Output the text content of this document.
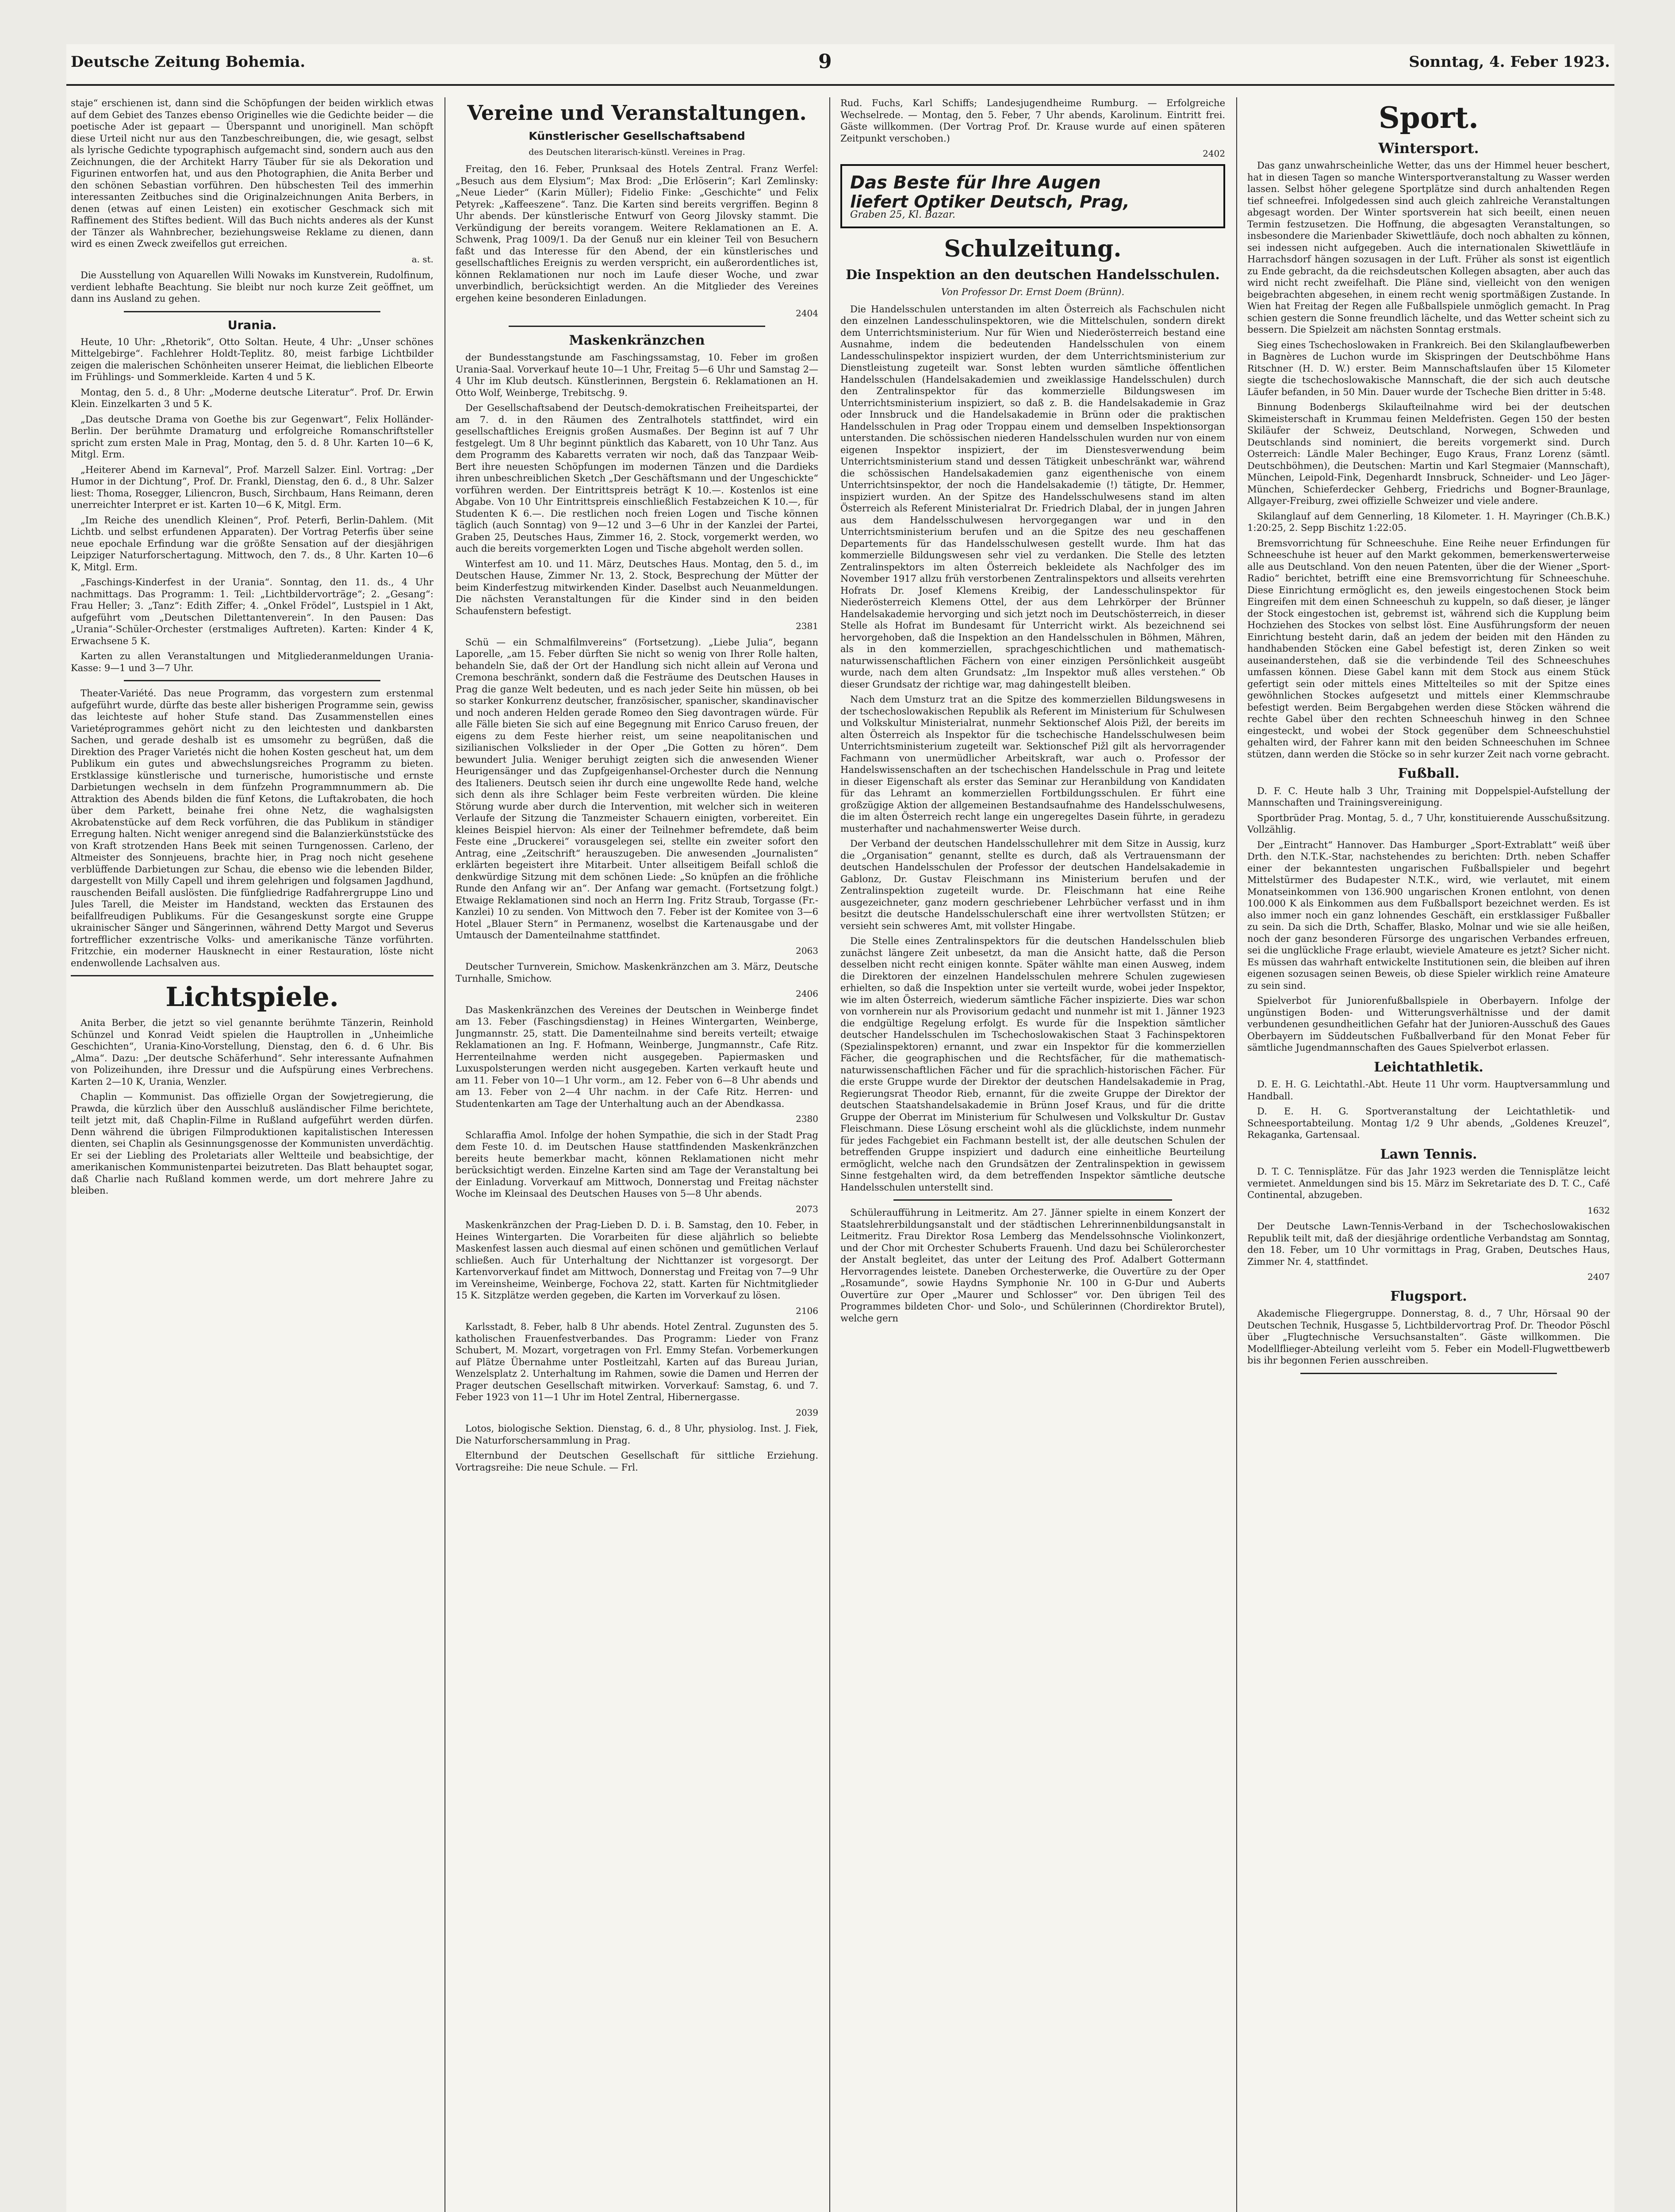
Deutsche Zeitung Bohemia.	9	Sonntag, 4. Feber 1923.

staje“ erschienen ist, dann sind die Schöpfungen der beiden wirklich etwas auf dem Gebiet des Tanzes ebenso Originelles wie die Gedichte beider — die poetische Ader ist gepaart — Überspannt und unoriginell. Man schöpft diese Urteil nicht nur aus den Tanzbeschreibungen, die, wie gesagt, selbst als lyrische Gedichte typographisch aufgemacht sind, sondern auch aus den Zeichnungen, die der Architekt Harry Täuber für sie als Dekoration und Figurinen entworfen hat, und aus den Photographien, die Anita Berber und den schönen Sebastian vorführen. Den hübschesten Teil des immerhin interessanten Zeitbuches sind die Originalzeichnungen Anita Berbers, in denen (etwas auf einen Leisten) ein exotischer Geschmack sich mit Raffinement des Stiftes bedient. Will das Buch nichts anderes als der Kunst der Tänzer als Wahnbrecher, beziehungsweise Reklame zu dienen, dann wird es einen Zweck zweifellos gut erreichen.

a. st.

Die Ausstellung von Aquarellen Willi Nowaks im Kunstverein, Rudolfinum, verdient lebhafte Beachtung. Sie bleibt nur noch kurze Zeit geöffnet, um dann ins Ausland zu gehen.

Urania.

Heute, 10 Uhr: „Rhetorik“, Otto Soltan. Heute, 4 Uhr: „Unser schönes Mittelgebirge“. Fachlehrer Holdt-Teplitz. 80, meist farbige Lichtbilder zeigen die malerischen Schönheiten unserer Heimat, die lieblichen Elbeorte im Frühlings- und Sommerkleide. Karten 4 und 5 K.

Montag, den 5. d., 8 Uhr: „Moderne deutsche Literatur“. Prof. Dr. Erwin Klein. Einzelkarten 3 und 5 K.

„Das deutsche Drama von Goethe bis zur Gegenwart“, Felix Holländer-Berlin. Der berühmte Dramaturg und erfolgreiche Romanschriftsteller spricht zum ersten Male in Prag, Montag, den 5. d. 8 Uhr. Karten 10—6 K, Mitgl. Erm.

„Heiterer Abend im Karneval“, Prof. Marzell Salzer. Einl. Vortrag: „Der Humor in der Dichtung“, Prof. Dr. Frankl, Dienstag, den 6. d., 8 Uhr. Salzer liest: Thoma, Rosegger, Liliencron, Busch, Sirchbaum, Hans Reimann, deren unerreichter Interpret er ist. Karten 10—6 K, Mitgl. Erm.

„Im Reiche des unendlich Kleinen“, Prof. Peterfi, Berlin-Dahlem. (Mit Lichtb. und selbst erfundenen Apparaten). Der Vortrag Peterfis über seine neue epochale Erfindung war die größte Sensation auf der diesjährigen Leipziger Naturforschertagung. Mittwoch, den 7. ds., 8 Uhr. Karten 10—6 K, Mitgl. Erm.

„Faschings-Kinderfest in der Urania“. Sonntag, den 11. ds., 4 Uhr nachmittags. Das Programm: 1. Teil: „Lichtbildervorträge“; 2. „Gesang“: Frau Heller; 3. „Tanz“: Edith Ziffer; 4. „Onkel Frödel“, Lustspiel in 1 Akt, aufgeführt vom „Deutschen Dilettantenverein“. In den Pausen: Das „Urania“-Schüler-Orchester (erstmaliges Auftreten). Karten: Kinder 4 K, Erwachsene 5 K.

Karten zu allen Veranstaltungen und Mitgliederanmeldungen Urania-Kasse: 9—1 und 3—7 Uhr.

Theater-Variété. Das neue Programm, das vorgestern zum erstenmal aufgeführt wurde, dürfte das beste aller bisherigen Programme sein, gewiss das leichteste auf hoher Stufe stand. Das Zusammenstellen eines Varietéprogrammes gehört nicht zu den leichtesten und dankbarsten Sachen, und gerade deshalb ist es umsomehr zu begrüßen, daß die Direktion des Prager Varietés nicht die hohen Kosten gescheut hat, um dem Publikum ein gutes und abwechslungsreiches Programm zu bieten. Erstklassige künstlerische und turnerische, humoristische und ernste Darbietungen wechseln in dem fünfzehn Programmnummern ab. Die Attraktion des Abends bilden die fünf Ketons, die Luftakrobaten, die hoch über dem Parkett, beinahe frei ohne Netz, die waghalsigsten Akrobatenstücke auf dem Reck vorführen, die das Publikum in ständiger Erregung halten. Nicht weniger anregend sind die Balanzierkünststücke des von Kraft strotzenden Hans Beek mit seinen Turngenossen. Carleno, der Altmeister des Sonnjeuens, brachte hier, in Prag noch nicht gesehene verblüffende Darbietungen zur Schau, die ebenso wie die lebenden Bilder, dargestellt von Milly Capell und ihrem gelehrigen und folgsamen Jagdhund, rauschenden Beifall auslösten. Die fünfgliedrige Radfahrergruppe Lino und Jules Tarell, die Meister im Handstand, weckten das Erstaunen des beifallfreudigen Publikums. Für die Gesangeskunst sorgte eine Gruppe ukrainischer Sänger und Sängerinnen, während Detty Margot und Severus fortrefflicher exzentrische Volks- und amerikanische Tänze vorführten. Fritzchie, ein moderner Hausknecht in einer Restauration, löste nicht endenwollende Lachsalven aus.

Lichtspiele.

Anita Berber, die jetzt so viel genannte berühmte Tänzerin, Reinhold Schünzel und Konrad Veidt spielen die Hauptrollen in „Unheimliche Geschichten“, Urania-Kino-Vorstellung, Dienstag, den 6. d. 6 Uhr. Bis „Alma“. Dazu: „Der deutsche Schäferhund“. Sehr interessante Aufnahmen von Polizeihunden, ihre Dressur und die Aufspürung eines Verbrechens. Karten 2—10 K, Urania, Wenzler.

Chaplin — Kommunist. Das offizielle Organ der Sowjetregierung, die Prawda, die kürzlich über den Ausschluß ausländischer Filme berichtete, teilt jetzt mit, daß Chaplin-Filme in Rußland aufgeführt werden dürfen. Denn während die übrigen Filmproduktionen kapitalistischen Interessen dienten, sei Chaplin als Gesinnungsgenosse der Kommunisten unverdächtig. Er sei der Liebling des Proletariats aller Weltteile und beabsichtige, der amerikanischen Kommunistenpartei beizutreten. Das Blatt behauptet sogar, daß Charlie nach Rußland kommen werde, um dort mehrere Jahre zu bleiben.

Vereine und Veranstaltungen.
Künstlerischer Gesellschaftsabend
des Deutschen literarisch-künstl. Vereines in Prag.

Freitag, den 16. Feber, Prunksaal des Hotels Zentral. Franz Werfel: „Besuch aus dem Elysium“; Max Brod: „Die Erlöserin“; Karl Zemlinsky: „Neue Lieder“ (Karin Müller); Fidelio Finke: „Geschichte“ und Felix Petyrek: „Kaffeeszene“. Tanz. Die Karten sind bereits vergriffen. Beginn 8 Uhr abends. Der künstlerische Entwurf von Georg Jilovsky stammt. Die Verkündigung der bereits vorangem. Weitere Reklamationen an E. A. Schwenk, Prag 1009/1. Da der Genuß nur ein kleiner Teil von Besuchern faßt und das Interesse für den Abend, der ein künstlerisches und gesellschaftliches Ereignis zu werden verspricht, ein außerordentliches ist, können Reklamationen nur noch im Laufe dieser Woche, und zwar unverbindlich, berücksichtigt werden. An die Mitglieder des Vereines ergehen keine besonderen Einladungen.

2404
Maskenkränzchen

der Bundesstangstunde am Faschingssamstag, 10. Feber im großen Urania-Saal. Vorverkauf heute 10—1 Uhr, Freitag 5—6 Uhr und Samstag 2—4 Uhr im Klub deutsch. Künstlerinnen, Bergstein 6. Reklamationen an H. Otto Wolf, Weinberge, Trebitschg. 9.

Der Gesellschaftsabend der Deutsch-demokratischen Freiheitspartei, der am 7. d. in den Räumen des Zentralhotels stattfindet, wird ein gesellschaftliches Ereignis großen Ausmaßes. Der Beginn ist auf 7 Uhr festgelegt. Um 8 Uhr beginnt pünktlich das Kabarett, von 10 Uhr Tanz. Aus dem Programm des Kabaretts verraten wir noch, daß das Tanzpaar Weib-Bert ihre neuesten Schöpfungen im modernen Tänzen und die Dardieks ihren unbeschreiblichen Sketch „Der Geschäftsmann und der Ungeschickte“ vorführen werden. Der Eintrittspreis beträgt K 10.—. Kostenlos ist eine Abgabe. Von 10 Uhr Eintrittspreis einschließlich Festabzeichen K 10.—, für Studenten K 6.—. Die restlichen noch freien Logen und Tische können täglich (auch Sonntag) von 9—12 und 3—6 Uhr in der Kanzlei der Partei, Graben 25, Deutsches Haus, Zimmer 16, 2. Stock, vorgemerkt werden, wo auch die bereits vorgemerkten Logen und Tische abgeholt werden sollen.

Winterfest am 10. und 11. März, Deutsches Haus. Montag, den 5. d., im Deutschen Hause, Zimmer Nr. 13, 2. Stock, Besprechung der Mütter der beim Kinderfestzug mitwirkenden Kinder. Daselbst auch Neuanmeldungen. Die nächsten Veranstaltungen für die Kinder sind in den beiden Schaufenstern befestigt.

2381

Schü — ein Schmalfilmvereins“ (Fortsetzung). „Liebe Julia“, begann Laporelle, „am 15. Feber dürften Sie nicht so wenig von Ihrer Rolle halten, behandeln Sie, daß der Ort der Handlung sich nicht allein auf Verona und Cremona beschränkt, sondern daß die Festräume des Deutschen Hauses in Prag die ganze Welt bedeuten, und es nach jeder Seite hin müssen, ob bei so starker Konkurrenz deutscher, französischer, spanischer, skandinavischer und noch anderen Helden gerade Romeo den Sieg davontragen würde. Für alle Fälle bieten Sie sich auf eine Begegnung mit Enrico Caruso freuen, der eigens zu dem Feste hierher reist, um seine neapolitanischen und sizilianischen Volkslieder in der Oper „Die Gotten zu hören“. Dem bewundert Julia. Weniger beruhigt zeigten sich die anwesenden Wiener Heurigensänger und das Zupfgeigenhansel-Orchester durch die Nennung des Italieners. Deutsch seien ihr durch eine ungewollte Rede hand, welche sich denn als ihre Schlager beim Feste verbreiten würden. Die kleine Störung wurde aber durch die Intervention, mit welcher sich in weiteren Verlaufe der Sitzung die Tanzmeister Schauern einigten, vorbereitet. Ein kleines Beispiel hiervon: Als einer der Teilnehmer befremdete, daß beim Feste eine „Druckerei“ vorausgelegen sei, stellte ein zweiter sofort den Antrag, eine „Zeitschrift“ herauszugeben. Die anwesenden „Journalisten“ erklärten begeistert ihre Mitarbeit. Unter allseitigem Beifall schloß die denkwürdige Sitzung mit dem schönen Liede: „So knüpfen an die fröhliche Runde den Anfang wir an“. Der Anfang war gemacht. (Fortsetzung folgt.) Etwaige Reklamationen sind noch an Herrn Ing. Fritz Straub, Torgasse (Fr.-Kanzlei) 10 zu senden. Von Mittwoch den 7. Feber ist der Komitee von 3—6 Hotel „Blauer Stern“ in Permanenz, woselbst die Kartenausgabe und der Umtausch der Damenteilnahme stattfindet.

2063

Deutscher Turnverein, Smichow. Maskenkränzchen am 3. März, Deutsche Turnhalle, Smichow.

2406

Das Maskenkränzchen des Vereines der Deutschen in Weinberge findet am 13. Feber (Faschingsdienstag) in Heines Wintergarten, Weinberge, Jungmannstr. 25, statt. Die Damenteilnahme sind bereits verteilt; etwaige Reklamationen an Ing. F. Hofmann, Weinberge, Jungmannstr., Cafe Ritz. Herrenteilnahme werden nicht ausgegeben. Papiermasken und Luxuspolsterungen werden nicht ausgegeben. Karten verkauft heute und am 11. Feber von 10—1 Uhr vorm., am 12. Feber von 6—8 Uhr abends und am 13. Feber von 2—4 Uhr nachm. in der Cafe Ritz. Herren- und Studentenkarten am Tage der Unterhaltung auch an der Abendkassa.

2380

Schlaraffia Amol. Infolge der hohen Sympathie, die sich in der Stadt Prag dem Feste 10. d. im Deutschen Hause stattfindenden Maskenkränzchen bereits heute bemerkbar macht, können Reklamationen nicht mehr berücksichtigt werden. Einzelne Karten sind am Tage der Veranstaltung bei der Einladung. Vorverkauf am Mittwoch, Donnerstag und Freitag nächster Woche im Kleinsaal des Deutschen Hauses von 5—8 Uhr abends.

2073

Maskenkränzchen der Prag-Lieben D. D. i. B. Samstag, den 10. Feber, in Heines Wintergarten. Die Vorarbeiten für diese aljährlich so beliebte Maskenfest lassen auch diesmal auf einen schönen und gemütlichen Verlauf schließen. Auch für Unterhaltung der Nichttanzer ist vorgesorgt. Der Kartenvorverkauf findet am Mittwoch, Donnerstag und Freitag von 7—9 Uhr im Vereinsheime, Weinberge, Fochova 22, statt. Karten für Nichtmitglieder 15 K. Sitzplätze werden gegeben, die Karten im Vorverkauf zu lösen.

2106

Karlsstadt, 8. Feber, halb 8 Uhr abends. Hotel Zentral. Zugunsten des 5. katholischen Frauenfestverbandes. Das Programm: Lieder von Franz Schubert, M. Mozart, vorgetragen von Frl. Emmy Stefan. Vorbemerkungen auf Plätze Übernahme unter Postleitzahl, Karten auf das Bureau Jurian, Wenzelsplatz 2. Unterhaltung im Rahmen, sowie die Damen und Herren der Prager deutschen Gesellschaft mitwirken. Vorverkauf: Samstag, 6. und 7. Feber 1923 von 11—1 Uhr im Hotel Zentral, Hibernergasse.

2039

Lotos, biologische Sektion. Dienstag, 6. d., 8 Uhr, physiolog. Inst. J. Fiek, Die Naturforschersammlung in Prag.

Elternbund der Deutschen Gesellschaft für sittliche Erziehung. Vortragsreihe: Die neue Schule. — Frl.

Rud. Fuchs, Karl Schiffs; Landesjugendheime Rumburg. — Erfolgreiche Wechselrede. — Montag, den 5. Feber, 7 Uhr abends, Karolinum. Eintritt frei. Gäste willkommen. (Der Vortrag Prof. Dr. Krause wurde auf einen späteren Zeitpunkt verschoben.)

2402
Das Beste für Ihre Augen
liefert Optiker Deutsch, Prag,
Graben 25, Kl. Bazar.
Schulzeitung.
Die Inspektion an den deutschen Handelsschulen.
Von Professor Dr. Ernst Doem (Brünn).

Die Handelsschulen unterstanden im alten Österreich als Fachschulen nicht den einzelnen Landesschulinspektoren, wie die Mittelschulen, sondern direkt dem Unterrichtsministerium. Nur für Wien und Niederösterreich bestand eine Ausnahme, indem die bedeutenden Handelsschulen von einem Landesschulinspektor inspiziert wurden, der dem Unterrichtsministerium zur Dienstleistung zugeteilt war. Sonst lebten wurden sämtliche öffentlichen Handelsschulen (Handelsakademien und zweiklassige Handelsschulen) durch den Zentralinspektor für das kommerzielle Bildungswesen im Unterrichtsministerium inspiziert, so daß z. B. die Handelsakademie in Graz oder Innsbruck und die Handelsakademie in Brünn oder die praktischen Handelsschulen in Prag oder Troppau einem und demselben Inspektionsorgan unterstanden. Die schössischen niederen Handelsschulen wurden nur von einem eigenen Inspektor inspiziert, der im Dienstesverwendung beim Unterrichtsministerium stand und dessen Tätigkeit unbeschränkt war, während die schössischen Handelsakademien ganz eigenthenische von einem Unterrichtsinspektor, der noch die Handelsakademie (!) tätigte, Dr. Hemmer, inspiziert wurden. An der Spitze des Handelsschulwesens stand im alten Österreich als Referent Ministerialrat Dr. Friedrich Dlabal, der in jungen Jahren aus dem Handelsschulwesen hervorgegangen war und in den Unterrichtsministerium berufen und an die Spitze des neu geschaffenen Departements für das Handelsschulwesen gestellt wurde. Ihm hat das kommerzielle Bildungswesen sehr viel zu verdanken. Die Stelle des letzten Zentralinspektors im alten Österreich bekleidete als Nachfolger des im November 1917 allzu früh verstorbenen Zentralinspektors und allseits verehrten Hofrats Dr. Josef Klemens Kreibig, der Landesschulinspektor für Niederösterreich Klemens Ottel, der aus dem Lehrkörper der Brünner Handelsakademie hervorging und sich jetzt noch im Deutschösterreich, in dieser Stelle als Hofrat im Bundesamt für Unterricht wirkt. Als bezeichnend sei hervorgehoben, daß die Inspektion an den Handelsschulen in Böhmen, Mähren, als in den kommerziellen, sprachgeschichtlichen und mathematisch-naturwissenschaftlichen Fächern von einer einzigen Persönlichkeit ausgeübt wurde, nach dem alten Grundsatz: „Im Inspektor muß alles verstehen.“ Ob dieser Grundsatz der richtige war, mag dahingestellt bleiben.

Nach dem Umsturz trat an die Spitze des kommerziellen Bildungswesens in der tschechoslowakischen Republik als Referent im Ministerium für Schulwesen und Volkskultur Ministerialrat, nunmehr Sektionschef Alois Pižl, der bereits im alten Österreich als Inspektor für die tschechische Handelsschulwesen beim Unterrichtsministerium zugeteilt war. Sektionschef Pižl gilt als hervorragender Fachmann von unermüdlicher Arbeitskraft, war auch o. Professor der Handelswissenschaften an der tschechischen Handelsschule in Prag und leitete in dieser Eigenschaft als erster das Seminar zur Heranbildung von Kandidaten für das Lehramt an kommerziellen Fortbildungsschulen. Er führt eine großzügige Aktion der allgemeinen Bestandsaufnahme des Handelsschulwesens, die im alten Österreich recht lange ein ungeregeltes Dasein führte, in geradezu musterhafter und nachahmenswerter Weise durch.

Der Verband der deutschen Handelsschullehrer mit dem Sitze in Aussig, kurz die „Organisation“ genannt, stellte es durch, daß als Vertrauensmann der deutschen Handelsschulen der Professor der deutschen Handelsakademie in Gablonz, Dr. Gustav Fleischmann ins Ministerium berufen und der Zentralinspektion zugeteilt wurde. Dr. Fleischmann hat eine Reihe ausgezeichneter, ganz modern geschriebener Lehrbücher verfasst und in ihm besitzt die deutsche Handelsschulerschaft eine ihrer wertvollsten Stützen; er versieht sein schweres Amt, mit vollster Hingabe.

Die Stelle eines Zentralinspektors für die deutschen Handelsschulen blieb zunächst längere Zeit unbesetzt, da man die Ansicht hatte, daß die Person desselben nicht recht einigen konnte. Später wählte man einen Ausweg, indem die Direktoren der einzelnen Handelsschulen mehrere Schulen zugewiesen erhielten, so daß die Inspektion unter sie verteilt wurde, wobei jeder Inspektor, wie im alten Österreich, wiederum sämtliche Fächer inspizierte. Dies war schon von vornherein nur als Provisorium gedacht und nunmehr ist mit 1. Jänner 1923 die endgültige Regelung erfolgt. Es wurde für die Inspektion sämtlicher deutscher Handelsschulen im Tschechoslowakischen Staat 3 Fachinspektoren (Spezialinspektoren) ernannt, und zwar ein Inspektor für die kommerziellen Fächer, die geographischen und die Rechtsfächer, für die mathematisch-naturwissenschaftlichen Fächer und für die sprachlich-historischen Fächer. Für die erste Gruppe wurde der Direktor der deutschen Handelsakademie in Prag, Regierungsrat Theodor Rieb, ernannt, für die zweite Gruppe der Direktor der deutschen Staatshandelsakademie in Brünn Josef Kraus, und für die dritte Gruppe der Oberrat im Ministerium für Schulwesen und Volkskultur Dr. Gustav Fleischmann. Diese Lösung erscheint wohl als die glücklichste, indem nunmehr für jedes Fachgebiet ein Fachmann bestellt ist, der alle deutschen Schulen der betreffenden Gruppe inspiziert und dadurch eine einheitliche Beurteilung ermöglicht, welche nach den Grundsätzen der Zentralinspektion in gewissem Sinne festgehalten wird, da dem betreffenden Inspektor sämtliche deutsche Handelsschulen unterstellt sind.

Schüleraufführung in Leitmeritz. Am 27. Jänner spielte in einem Konzert der Staatslehrerbildungsanstalt und der städtischen Lehrerinnenbildungsanstalt in Leitmeritz. Frau Direktor Rosa Lemberg das Mendelssohnsche Violinkonzert, und der Chor mit Orchester Schuberts Frauenh. Und dazu bei Schülerorchester der Anstalt begleitet, das unter der Leitung des Prof. Adalbert Gottermann Hervorragendes leistete. Daneben Orchesterwerke, die Ouvertüre zu der Oper „Rosamunde“, sowie Haydns Symphonie Nr. 100 in G-Dur und Auberts Ouvertüre zur Oper „Maurer und Schlosser“ vor. Den übrigen Teil des Programmes bildeten Chor- und Solo-, und Schülerinnen (Chordirektor Brutel), welche gern

Sport.
Wintersport.

Das ganz unwahrscheinliche Wetter, das uns der Himmel heuer beschert, hat in diesen Tagen so manche Wintersportveranstaltung zu Wasser werden lassen. Selbst höher gelegene Sportplätze sind durch anhaltenden Regen tief schneefrei. Infolgedessen sind auch gleich zahlreiche Veranstaltungen abgesagt worden. Der Winter sportsverein hat sich beeilt, einen neuen Termin festzusetzen. Die Hoffnung, die abgesagten Veranstaltungen, so insbesondere die Marienbader Skiwettläufe, doch noch abhalten zu können, sei indessen nicht aufgegeben. Auch die internationalen Skiwettläufe in Harrachsdorf hängen sozusagen in der Luft. Früher als sonst ist eigentlich zu Ende gebracht, da die reichsdeutschen Kollegen absagten, aber auch das wird nicht recht zweifelhaft. Die Pläne sind, vielleicht von den wenigen beigebrachten abgesehen, in einem recht wenig sportmäßigen Zustande. In Wien hat Freitag der Regen alle Fußballspiele unmöglich gemacht. In Prag schien gestern die Sonne freundlich lächelte, und das Wetter scheint sich zu bessern. Die Spielzeit am nächsten Sonntag erstmals.

Sieg eines Tschechoslowaken in Frankreich. Bei den Skilanglaufbewerben in Bagnères de Luchon wurde im Skispringen der Deutschböhme Hans Ritschner (H. D. W.) erster. Beim Mannschaftslaufen über 15 Kilometer siegte die tschechoslowakische Mannschaft, die der sich auch deutsche Läufer befanden, in 50 Min. Dauer wurde der Tscheche Bien dritter in 5:48.

Binnung Bodenbergs Skilaufteilnahme wird bei der deutschen Skimeisterschaft in Krummau feinen Meldefristen. Gegen 150 der besten Skiläufer der Schweiz, Deutschland, Norwegen, Schweden und Deutschlands sind nominiert, die bereits vorgemerkt sind. Durch Osterreich: Ländle Maler Bechinger, Eugo Kraus, Franz Lorenz (sämtl. Deutschböhmen), die Deutschen: Martin und Karl Stegmaier (Mannschaft), München, Leipold-Fink, Degenhardt Innsbruck, Schneider- und Leo Jäger-München, Schieferdecker Gehberg, Friedrichs und Bogner-Braunlage, Allgayer-Freiburg, zwei offizielle Schweizer und viele andere.

Skilanglauf auf dem Gennerling, 18 Kilometer. 1. H. Mayringer (Ch.B.K.) 1:20:25, 2. Sepp Bischitz 1:22:05.

Bremsvorrichtung für Schneeschuhe. Eine Reihe neuer Erfindungen für Schneeschuhe ist heuer auf den Markt gekommen, bemerkenswerterweise alle aus Deutschland. Von den neuen Patenten, über die der Wiener „Sport-Radio“ berichtet, betrifft eine eine Bremsvorrichtung für Schneeschuhe. Diese Einrichtung ermöglicht es, den jeweils eingestochenen Stock beim Eingreifen mit dem einen Schneeschuh zu kuppeln, so daß dieser, je länger der Stock eingestochen ist, gebremst ist, während sich die Kupplung beim Hochziehen des Stockes von selbst löst. Eine Ausführungsform der neuen Einrichtung besteht darin, daß an jedem der beiden mit den Händen zu handhabenden Stöcken eine Gabel befestigt ist, deren Zinken so weit auseinanderstehen, daß sie die verbindende Teil des Schneeschuhes umfassen können. Diese Gabel kann mit dem Stock aus einem Stück gefertigt sein oder mittels eines Mittelteiles so mit der Spitze eines gewöhnlichen Stockes aufgesetzt und mittels einer Klemmschraube befestigt werden. Beim Bergabgehen werden diese Stöcken während die rechte Gabel über den rechten Schneeschuh hinweg in den Schnee eingesteckt, und wobei der Stock gegenüber dem Schneeschuhstiel gehalten wird, der Fahrer kann mit den beiden Schneeschuhen im Schnee stützen, dann werden die Stöcke so in sehr kurzer Zeit nach vorne gebracht.

Fußball.

D. F. C. Heute halb 3 Uhr, Training mit Doppelspiel-Aufstellung der Mannschaften und Trainingsvereinigung.

Sportbrüder Prag. Montag, 5. d., 7 Uhr, konstituierende Ausschußsitzung. Vollzählig.

Der „Eintracht“ Hannover. Das Hamburger „Sport-Extrablatt“ weiß über Drth. den N.T.K.-Star, nachstehendes zu berichten: Drth. neben Schaffer einer der bekanntesten ungarischen Fußballspieler und begehrt Mittelstürmer des Budapester N.T.K., wird, wie verlautet, mit einem Monatseinkommen von 136.900 ungarischen Kronen entlohnt, von denen 100.000 K als Einkommen aus dem Fußballsport bezeichnet werden. Es ist also immer noch ein ganz lohnendes Geschäft, ein erstklassiger Fußballer zu sein. Da sich die Drth, Schaffer, Blasko, Molnar und wie sie alle heißen, noch der ganz besonderen Fürsorge des ungarischen Verbandes erfreuen, sei die unglückliche Frage erlaubt, wieviele Amateure es jetzt? Sicher nicht. Es müssen das wahrhaft entwickelte Institutionen sein, die bleiben auf ihren eigenen sozusagen seinen Beweis, ob diese Spieler wirklich reine Amateure zu sein sind.

Spielverbot für Juniorenfußballspiele in Oberbayern. Infolge der ungünstigen Boden- und Witterungsverhältnisse und der damit verbundenen gesundheitlichen Gefahr hat der Junioren-Ausschuß des Gaues Oberbayern im Süddeutschen Fußballverband für den Monat Feber für sämtliche Jugendmannschaften des Gaues Spielverbot erlassen.

Leichtathletik.

D. E. H. G. Leichtathl.-Abt. Heute 11 Uhr vorm. Hauptversammlung und Handball.

D. E. H. G. Sportveranstaltung der Leichtathletik- und Schneesportabteilung. Montag 1/2 9 Uhr abends, „Goldenes Kreuzel“, Rekaganka, Gartensaal.

Lawn Tennis.

D. T. C. Tennisplätze. Für das Jahr 1923 werden die Tennisplätze leicht vermietet. Anmeldungen sind bis 15. März im Sekretariate des D. T. C., Café Continental, abzugeben.

1632

Der Deutsche Lawn-Tennis-Verband in der Tschechoslowakischen Republik teilt mit, daß der diesjährige ordentliche Verbandstag am Sonntag, den 18. Feber, um 10 Uhr vormittags in Prag, Graben, Deutsches Haus, Zimmer Nr. 4, stattfindet.

2407
Flugsport.

Akademische Fliegergruppe. Donnerstag, 8. d., 7 Uhr, Hörsaal 90 der Deutschen Technik, Husgasse 5, Lichtbildervortrag Prof. Dr. Theodor Pöschl über „Flugtechnische Versuchsanstalten“. Gäste willkommen. Die Modellflieger-Abteilung verleiht vom 5. Feber ein Modell-Flugwettbewerb bis ihr begonnen Ferien ausschreiben.
